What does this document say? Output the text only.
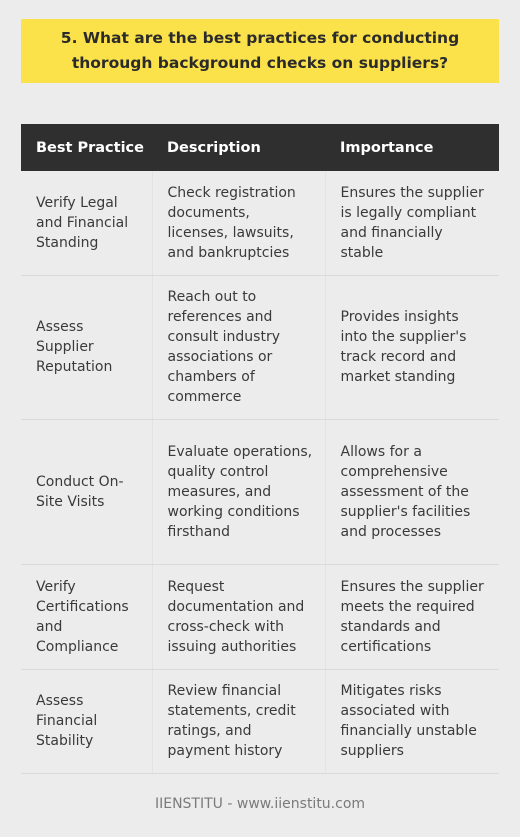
5. What are the best practices for conducting thorough background checks on suppliers?
Best Practice	Description	Importance
Verify Legal and Financial Standing	Check registration documents, licenses, lawsuits, and bankruptcies	Ensures the supplier is legally compliant and financially stable
Assess Supplier Reputation	Reach out to references and consult industry associations or chambers of commerce	Provides insights into the supplier's track record and market standing
Conduct On-Site Visits	Evaluate operations, quality control measures, and working conditions firsthand	Allows for a comprehensive assessment of the supplier's facilities and processes
Verify Certifications and Compliance	Request documentation and cross-check with issuing authorities	Ensures the supplier meets the required standards and certifications
Assess Financial Stability	Review financial statements, credit ratings, and payment history	Mitigates risks associated with financially unstable suppliers
IIENSTITU - www.iienstitu.com
